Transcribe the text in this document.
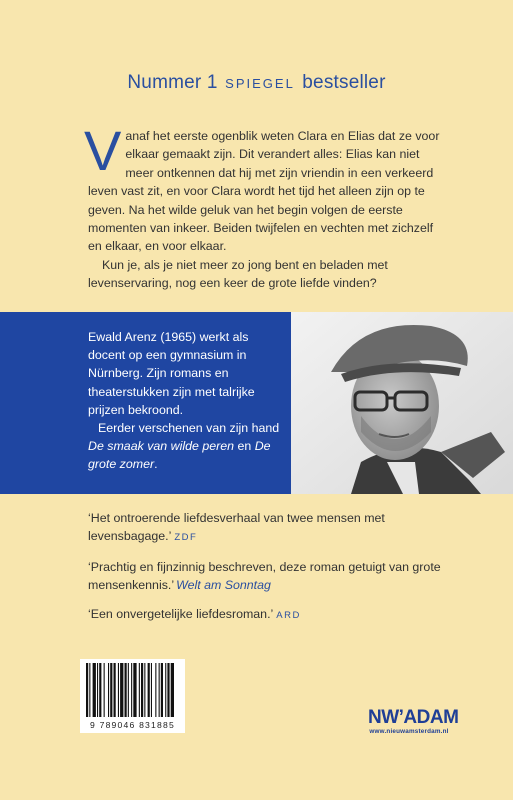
Nummer 1 SPIEGEL bestseller

Vanaf het eerste ogenblik weten Clara en Elias dat ze voor elkaar gemaakt zijn. Dit verandert alles: Elias kan niet meer ontkennen dat hij met zijn vriendin in een verkeerd leven vast zit, en voor Clara wordt het tijd het alleen zijn op te geven. Na het wilde geluk van het begin volgen de eerste momenten van inkeer. Beiden twijfelen en vechten met zichzelf en elkaar, en voor elkaar.

Kun je, als je niet meer zo jong bent en beladen met levenservaring, nog een keer de grote liefde vinden?

Ewald Arenz (1965) werkt als docent op een gymnasium in Nürnberg. Zijn romans en theaterstukken zijn met talrijke prijzen bekroond.

Eerder verschenen van zijn hand De smaak van wilde peren en De grote zomer.

‘Het ontroerende liefdesverhaal van twee mensen met levensbagage.’ ZDF

‘Prachtig en fijnzinnig beschreven, deze roman getuigt van grote mensenkennis.’ Welt am Sonntag

‘Een onvergetelijke liefdesroman.’ ARD

9 789046 831885	NW’ADAM
www.nieuwamsterdam.nl
